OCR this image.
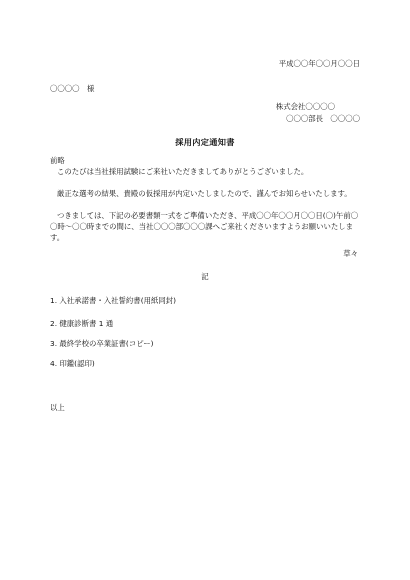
平成〇〇年〇〇月〇〇日
〇〇〇〇　様
株式会社〇〇〇〇
〇〇〇部長　〇〇〇〇
採用内定通知書
前略
このたびは当社採用試験にご来社いただきましてありがとうございました。
厳正な選考の結果、貴殿の仮採用が内定いたしましたので、謹んでお知らせいたします。
つきましては、下記の必要書類一式をご準備いただき、平成〇〇年〇〇月〇〇日(〇)午前〇〇時～〇〇時までの間に、当社〇〇〇部〇〇〇課へご来社くださいますようお願いいたします。
草々
記
1. 入社承諾書・入社誓約書(用紙同封)
2. 健康診断書 1 通
3. 最終学校の卒業証書(コピー)
4. 印鑑(認印)
以上
